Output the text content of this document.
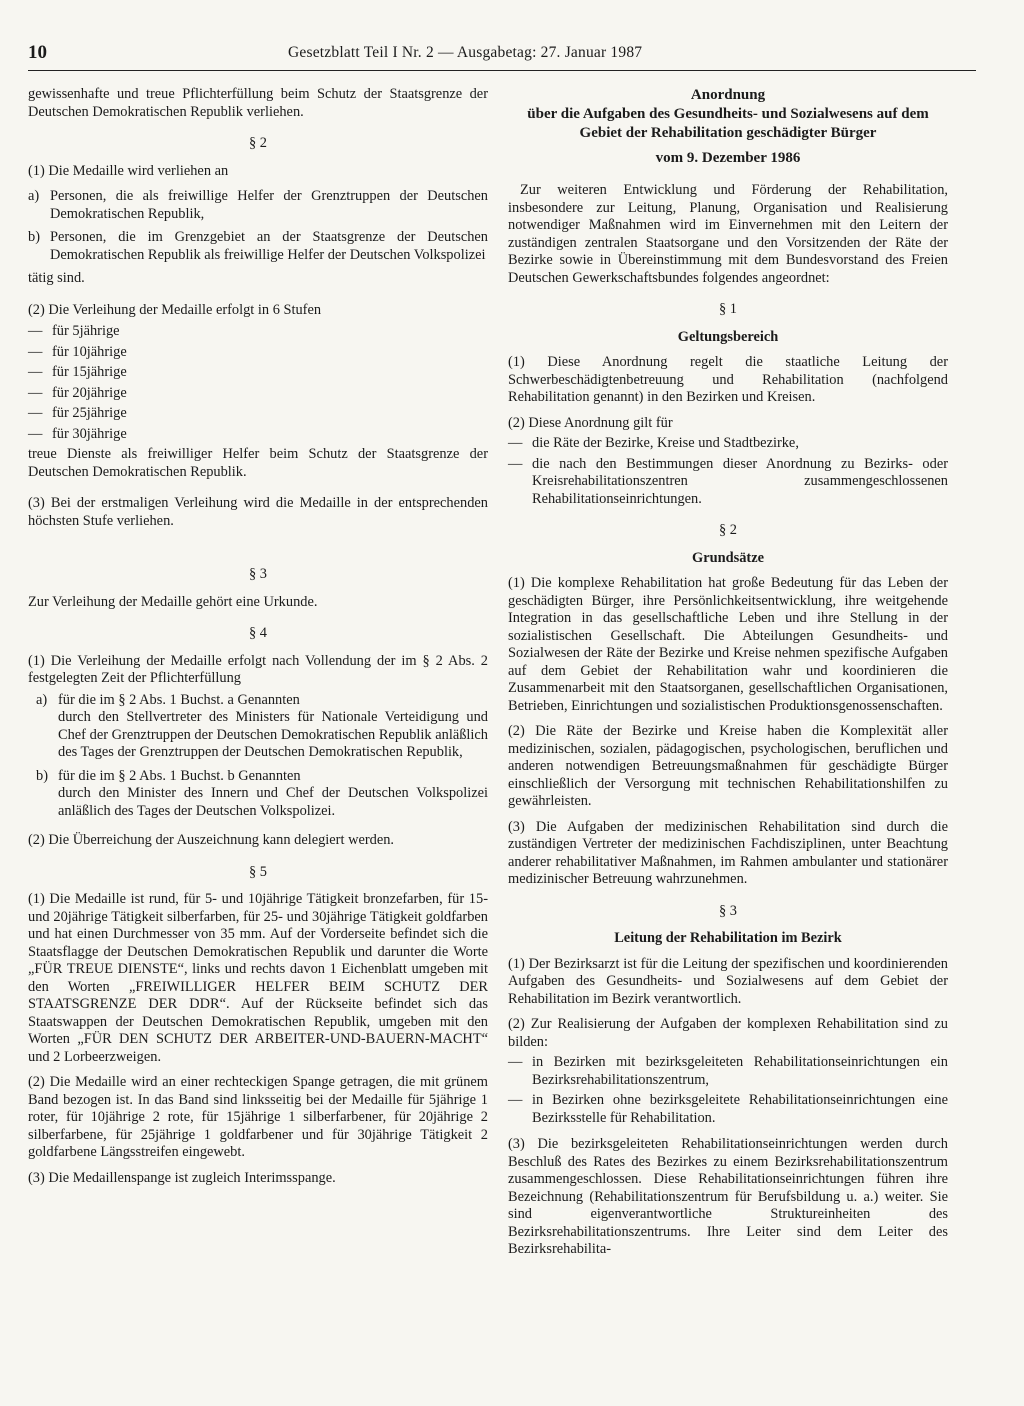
10	Gesetzblatt Teil I Nr. 2 — Ausgabetag: 27. Januar 1987

gewissenhafte und treue Pflichterfüllung beim Schutz der Staatsgrenze der Deutschen Demokratischen Republik verliehen.

§ 2

(1) Die Medaille wird verliehen an

a) Personen, die als freiwillige Helfer der Grenztruppen der Deutschen Demokratischen Republik,
b) Personen, die im Grenzgebiet an der Staatsgrenze der Deutschen Demokratischen Republik als freiwillige Helfer der Deutschen Volkspolizei

tätig sind.

(2) Die Verleihung der Medaille erfolgt in 6 Stufen

— für 5jährige
— für 10jährige
— für 15jährige
— für 20jährige
— für 25jährige
— für 30jährige

treue Dienste als freiwilliger Helfer beim Schutz der Staatsgrenze der Deutschen Demokratischen Republik.

(3) Bei der erstmaligen Verleihung wird die Medaille in der entsprechenden höchsten Stufe verliehen.

§ 3

Zur Verleihung der Medaille gehört eine Urkunde.

§ 4

(1) Die Verleihung der Medaille erfolgt nach Vollendung der im § 2 Abs. 2 festgelegten Zeit der Pflichterfüllung

a) für die im § 2 Abs. 1 Buchst. a Genannten
durch den Stellvertreter des Ministers für Nationale Verteidigung und Chef der Grenztruppen der Deutschen Demokratischen Republik anläßlich des Tages der Grenztruppen der Deutschen Demokratischen Republik,
b) für die im § 2 Abs. 1 Buchst. b Genannten
durch den Minister des Innern und Chef der Deutschen Volkspolizei anläßlich des Tages der Deutschen Volkspolizei.

(2) Die Überreichung der Auszeichnung kann delegiert werden.

§ 5

(1) Die Medaille ist rund, für 5- und 10jährige Tätigkeit bronzefarben, für 15- und 20jährige Tätigkeit silberfarben, für 25- und 30jährige Tätigkeit goldfarben und hat einen Durchmesser von 35 mm. Auf der Vorderseite befindet sich die Staatsflagge der Deutschen Demokratischen Republik und darunter die Worte „FÜR TREUE DIENSTE“, links und rechts davon 1 Eichenblatt umgeben mit den Worten „FREIWILLIGER HELFER BEIM SCHUTZ DER STAATSGRENZE DER DDR“. Auf der Rückseite befindet sich das Staatswappen der Deutschen Demokratischen Republik, umgeben mit den Worten „FÜR DEN SCHUTZ DER ARBEITER-UND-BAUERN-MACHT“ und 2 Lorbeerzweigen.

(2) Die Medaille wird an einer rechteckigen Spange getragen, die mit grünem Band bezogen ist. In das Band sind linksseitig bei der Medaille für 5jährige 1 roter, für 10jährige 2 rote, für 15jährige 1 silberfarbener, für 20jährige 2 silberfarbene, für 25jährige 1 goldfarbener und für 30jährige Tätigkeit 2 goldfarbene Längsstreifen eingewebt.

(3) Die Medaillenspange ist zugleich Interimsspange.

Anordnung
über die Aufgaben des Gesundheits- und Sozialwesens auf dem Gebiet der Rehabilitation geschädigter Bürger
vom 9. Dezember 1986

Zur weiteren Entwicklung und Förderung der Rehabilitation, insbesondere zur Leitung, Planung, Organisation und Realisierung notwendiger Maßnahmen wird im Einvernehmen mit den Leitern der zuständigen zentralen Staatsorgane und den Vorsitzenden der Räte der Bezirke sowie in Übereinstimmung mit dem Bundesvorstand des Freien Deutschen Gewerkschaftsbundes folgendes angeordnet:

§ 1
Geltungsbereich

(1) Diese Anordnung regelt die staatliche Leitung der Schwerbeschädigtenbetreuung und Rehabilitation (nachfolgend Rehabilitation genannt) in den Bezirken und Kreisen.

(2) Diese Anordnung gilt für

— die Räte der Bezirke, Kreise und Stadtbezirke,
— die nach den Bestimmungen dieser Anordnung zu Bezirks- oder Kreisrehabilitationszentren zusammengeschlossenen Rehabilitationseinrichtungen.
§ 2
Grundsätze

(1) Die komplexe Rehabilitation hat große Bedeutung für das Leben der geschädigten Bürger, ihre Persönlichkeitsentwicklung, ihre weitgehende Integration in das gesellschaftliche Leben und ihre Stellung in der sozialistischen Gesellschaft. Die Abteilungen Gesundheits- und Sozialwesen der Räte der Bezirke und Kreise nehmen spezifische Aufgaben auf dem Gebiet der Rehabilitation wahr und koordinieren die Zusammenarbeit mit den Staatsorganen, gesellschaftlichen Organisationen, Betrieben, Einrichtungen und sozialistischen Produktionsgenossenschaften.

(2) Die Räte der Bezirke und Kreise haben die Komplexität aller medizinischen, sozialen, pädagogischen, psychologischen, beruflichen und anderen notwendigen Betreuungsmaßnahmen für geschädigte Bürger einschließlich der Versorgung mit technischen Rehabilitationshilfen zu gewährleisten.

(3) Die Aufgaben der medizinischen Rehabilitation sind durch die zuständigen Vertreter der medizinischen Fachdisziplinen, unter Beachtung anderer rehabilitativer Maßnahmen, im Rahmen ambulanter und stationärer medizinischer Betreuung wahrzunehmen.

§ 3
Leitung der Rehabilitation im Bezirk

(1) Der Bezirksarzt ist für die Leitung der spezifischen und koordinierenden Aufgaben des Gesundheits- und Sozialwesens auf dem Gebiet der Rehabilitation im Bezirk verantwortlich.

(2) Zur Realisierung der Aufgaben der komplexen Rehabilitation sind zu bilden:

— in Bezirken mit bezirksgeleiteten Rehabilitationseinrichtungen ein Bezirksrehabilitationszentrum,
— in Bezirken ohne bezirksgeleitete Rehabilitationseinrichtungen eine Bezirksstelle für Rehabilitation.

(3) Die bezirksgeleiteten Rehabilitationseinrichtungen werden durch Beschluß des Rates des Bezirkes zu einem Bezirksrehabilitationszentrum zusammengeschlossen. Diese Rehabilitationseinrichtungen führen ihre Bezeichnung (Rehabilitationszentrum für Berufsbildung u. a.) weiter. Sie sind eigenverantwortliche Struktureinheiten des Bezirksrehabilitationszentrums. Ihre Leiter sind dem Leiter des Bezirksrehabilita-
